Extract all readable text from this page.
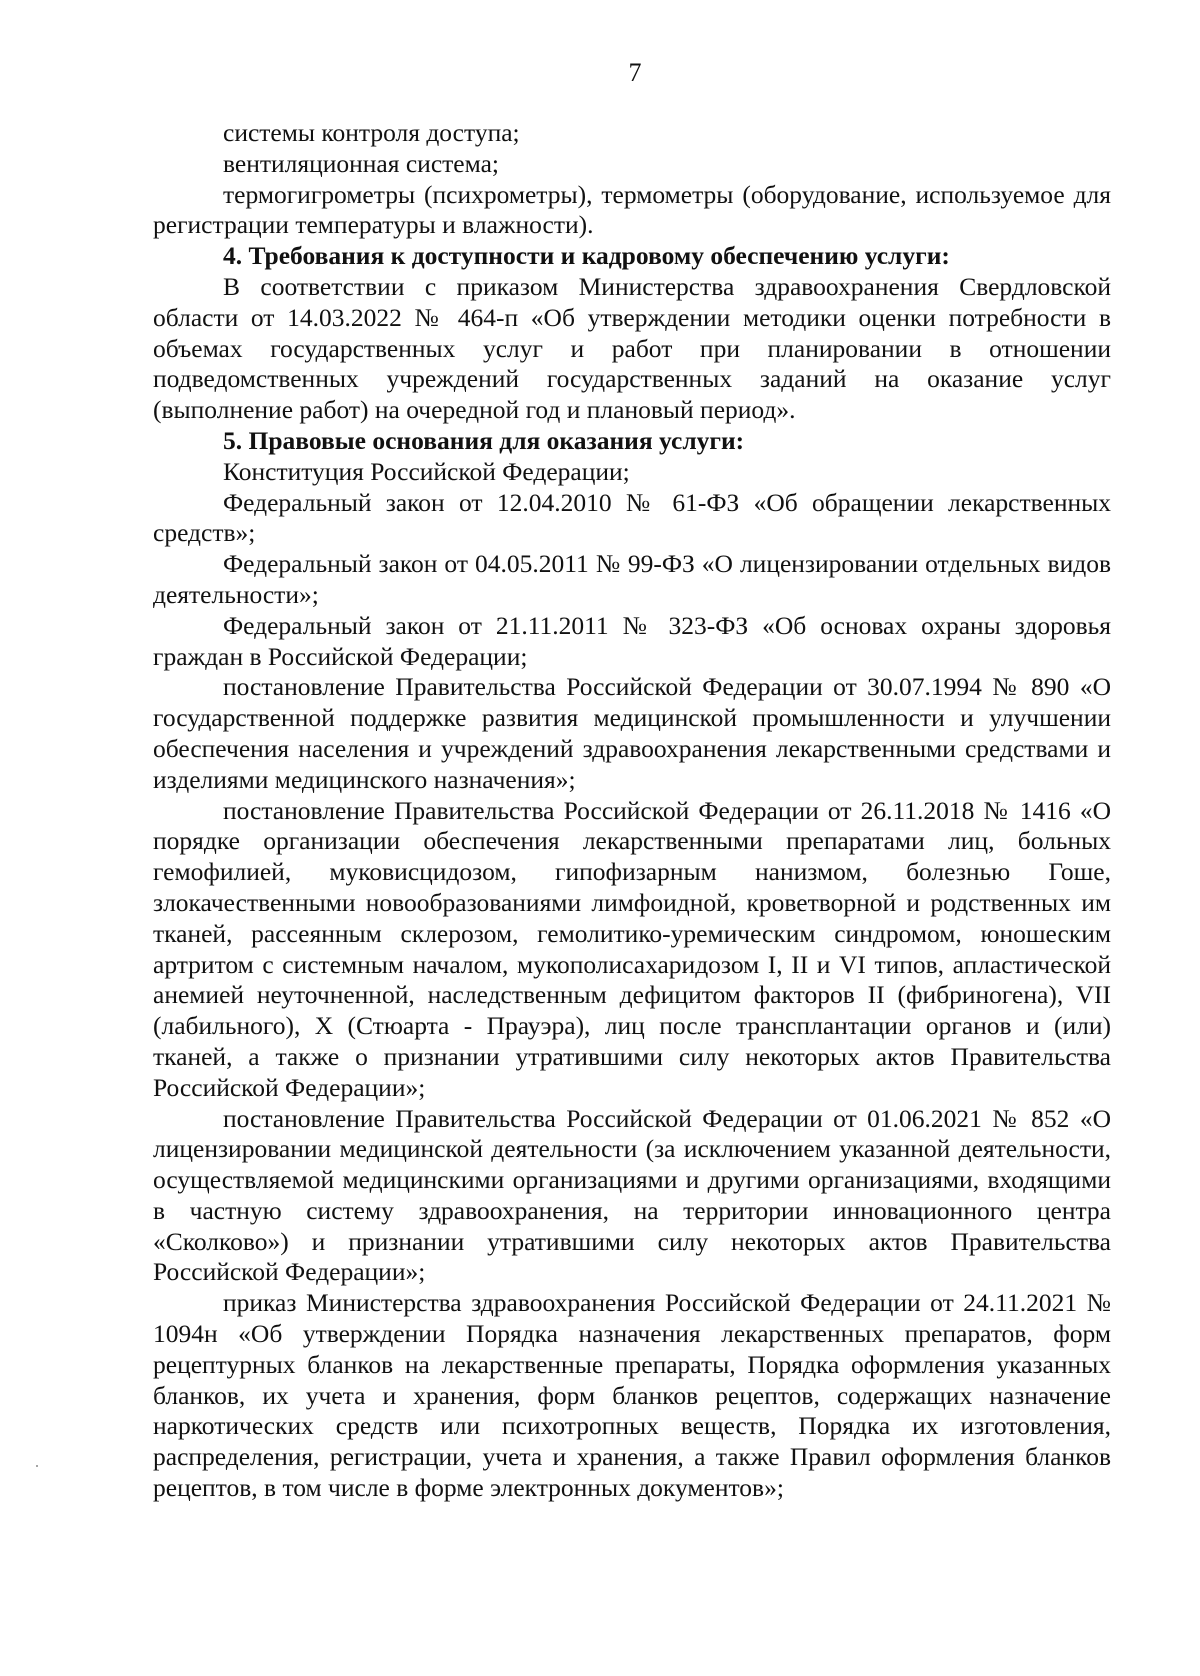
7

системы контроля доступа;

вентиляционная система;

термогигрометры (психрометры), термометры (оборудование, используемое для регистрации температуры и влажности).

4. Требования к доступности и кадровому обеспечению услуги:

В соответствии с приказом Министерства здравоохранения Свердловской области от 14.03.2022 № 464-п «Об утверждении методики оценки потребности в объемах государственных услуг и работ при планировании в отношении подведомственных учреждений государственных заданий на оказание услуг (выполнение работ) на очередной год и плановый период».

5. Правовые основания для оказания услуги:

Конституция Российской Федерации;

Федеральный закон от 12.04.2010 № 61-ФЗ «Об обращении лекарственных средств»;

Федеральный закон от 04.05.2011 № 99-ФЗ «О лицензировании отдельных видов деятельности»;

Федеральный закон от 21.11.2011 № 323-ФЗ «Об основах охраны здоровья граждан в Российской Федерации;

постановление Правительства Российской Федерации от 30.07.1994 № 890 «О государственной поддержке развития медицинской промышленности и улучшении обеспечения населения и учреждений здравоохранения лекарственными средствами и изделиями медицинского назначения»;

постановление Правительства Российской Федерации от 26.11.2018 № 1416 «О порядке организации обеспечения лекарственными препаратами лиц, больных гемофилией, муковисцидозом, гипофизарным нанизмом, болезнью Гоше, злокачественными новообразованиями лимфоидной, кроветворной и родственных им тканей, рассеянным склерозом, гемолитико-уремическим синдромом, юношеским артритом с системным началом, мукополисахаридозом I, II и VI типов, апластической анемией неуточненной, наследственным дефицитом факторов II (фибриногена), VII (лабильного), X (Стюарта - Прауэра), лиц после трансплантации органов и (или) тканей, а также о признании утратившими силу некоторых актов Правительства Российской Федерации»;

постановление Правительства Российской Федерации от 01.06.2021 № 852 «О лицензировании медицинской деятельности (за исключением указанной деятельности, осуществляемой медицинскими организациями и другими организациями, входящими в частную систему здравоохранения, на территории инновационного центра «Сколково») и признании утратившими силу некоторых актов Правительства Российской Федерации»;

приказ Министерства здравоохранения Российской Федерации от 24.11.2021 № 1094н «Об утверждении Порядка назначения лекарственных препаратов, форм рецептурных бланков на лекарственные препараты, Порядка оформления указанных бланков, их учета и хранения, форм бланков рецептов, содержащих назначение наркотических средств или психотропных веществ, Порядка их изготовления, распределения, регистрации, учета и хранения, а также Правил оформления бланков рецептов, в том числе в форме электронных документов»;
